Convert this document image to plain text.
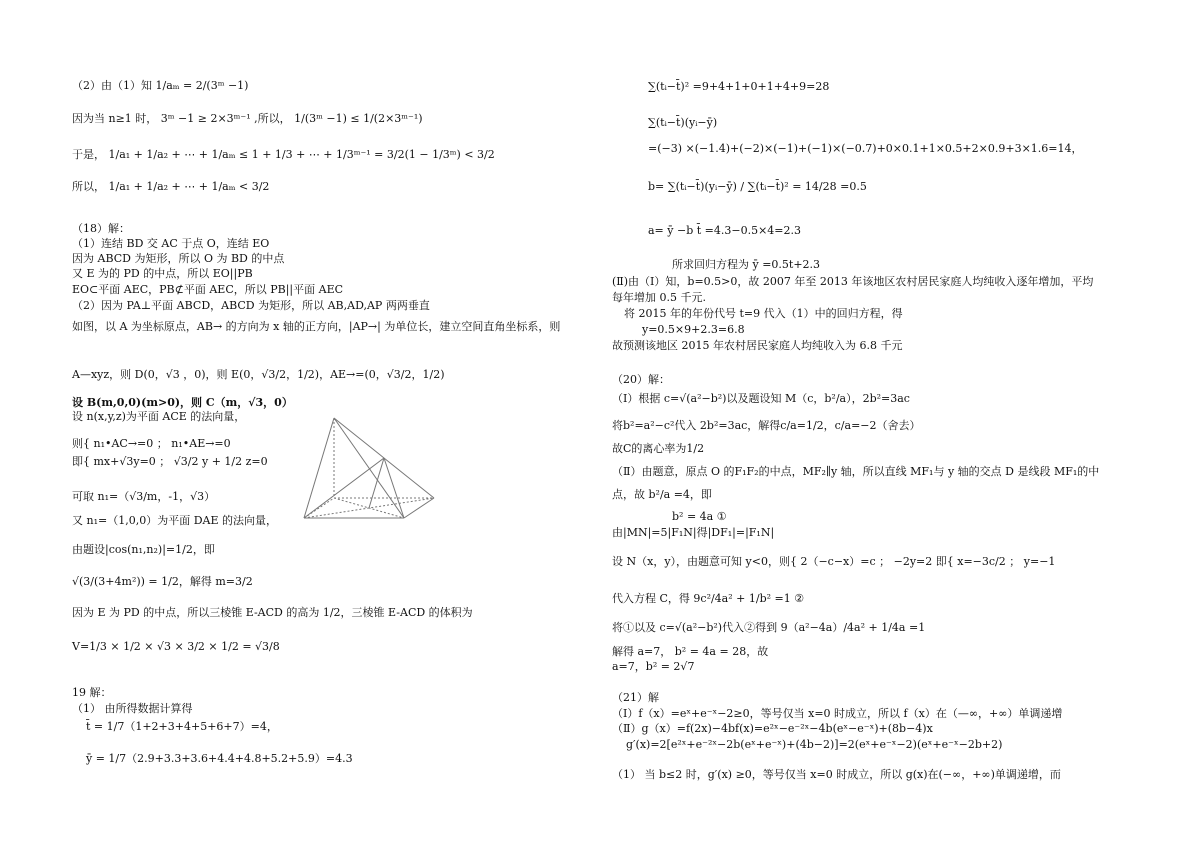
（2）由（1）知 1/aₘ = 2/(3ᵐ −1)
因为当 n≥1 时， 3ᵐ −1 ≥ 2×3ᵐ⁻¹ ,所以， 1/(3ᵐ −1) ≤ 1/(2×3ᵐ⁻¹)
于是， 1/a₁ + 1/a₂ + ⋯ + 1/aₘ ≤ 1 + 1/3 + ⋯ + 1/3ᵐ⁻¹ = 3/2(1 − 1/3ᵐ) < 3/2
所以， 1/a₁ + 1/a₂ + ⋯ + 1/aₘ < 3/2
（18）解：
（1）连结 BD 交 AC 于点 O，连结 EO
因为 ABCD 为矩形，所以 O 为 BD 的中点
又 E 为的 PD 的中点，所以 EO||PB
EO⊂平面 AEC，PB⊄平面 AEC，所以 PB||平面 AEC
（2）因为 PA⊥平面 ABCD，ABCD 为矩形，所以 AB,AD,AP 两两垂直
如图，以 A 为坐标原点，AB→ 的方向为 x 轴的正方向，|AP→| 为单位长，建立空间直角坐标系，则
A—xyz，则 D(0，√3 ，0)，则 E(0，√3/2，1/2)，AE→=(0，√3/2，1/2)
设 B(m,0,0)(m>0)，则 C（m，√3，0）
设 n(x,y,z)为平面 ACE 的法向量，
则{ n₁•AC→=0 ； n₁•AE→=0
即{ mx+√3y=0 ； √3/2 y + 1/2 z=0
可取 n₁=（√3/m，-1，√3）
又 n₁=（1,0,0）为平面 DAE 的法向量，
由题设|cos(n₁,n₂)|=1/2，即
√(3/(3+4m²)) = 1/2，解得 m=3/2
因为 E 为 PD 的中点，所以三棱锥 E-ACD 的高为 1/2，三棱锥 E-ACD 的体积为
V=1/3 × 1/2 × √3 × 3/2 × 1/2 = √3/8
19 解：
（1） 由所得数据计算得
t̄ = 1/7（1+2+3+4+5+6+7）=4，
ȳ = 1/7（2.9+3.3+3.6+4.4+4.8+5.2+5.9）=4.3
∑(tᵢ−t̄)² =9+4+1+0+1+4+9=28
∑(tᵢ−t̄)(yᵢ−ȳ)
=(−3) ×(−1.4)+(−2)×(−1)+(−1)×(−0.7)+0×0.1+1×0.5+2×0.9+3×1.6=14，
b= ∑(tᵢ−t̄)(yᵢ−ȳ) / ∑(tᵢ−t̄)² = 14/28 =0.5
a= ȳ −b t̄ =4.3−0.5×4=2.3
所求回归方程为 ȳ =0.5t+2.3
(Ⅱ)由（Ⅰ）知，b=0.5>0，故 2007 年至 2013 年该地区农村居民家庭人均纯收入逐年增加，平均
每年增加 0.5 千元.
将 2015 年的年份代号 t=9 代入（1）中的回归方程，得
y=0.5×9+2.3=6.8
故预测该地区 2015 年农村居民家庭人均纯收入为 6.8 千元
（20）解：
（Ⅰ）根据 c=√(a²−b²)以及题设知 M（c，b²/a），2b²=3ac
将b²=a²−c²代入 2b²=3ac，解得c/a=1/2，c/a=−2（舍去）
故C的离心率为1/2
（Ⅱ）由题意，原点 O 的F₁F₂的中点，MF₂∥y 轴，所以直线 MF₁与 y 轴的交点 D 是线段 MF₁的中
点，故 b²/a =4，即
b² = 4a ①
由|MN|=5|F₁N|得|DF₁|=|F₁N|
设 N（x，y），由题意可知 y<0，则{ 2（−c−x）=c ； −2y=2 即{ x=−3c/2 ； y=−1
代入方程 C，得 9c²/4a² + 1/b² =1 ②
将①以及 c=√(a²−b²)代入②得到 9（a²−4a）/4a² + 1/4a =1
解得 a=7， b² = 4a = 28，故
a=7，b² = 2√7
（21）解
（Ⅰ）f（x）=eˣ+e⁻ˣ−2≥0，等号仅当 x=0 时成立，所以 f（x）在（—∞，+∞）单调递增
（Ⅱ）g（x）=f(2x)−4bf(x)=e²ˣ−e⁻²ˣ−4b(eˣ−e⁻ˣ)+(8b−4)x
g′(x)=2[e²ˣ+e⁻²ˣ−2b(eˣ+e⁻ˣ)+(4b−2)]=2(eˣ+e⁻ˣ−2)(eˣ+e⁻ˣ−2b+2)
（1） 当 b≤2 时，g′(x) ≥0，等号仅当 x=0 时成立，所以 g(x)在(−∞，+∞)单调递增，而
